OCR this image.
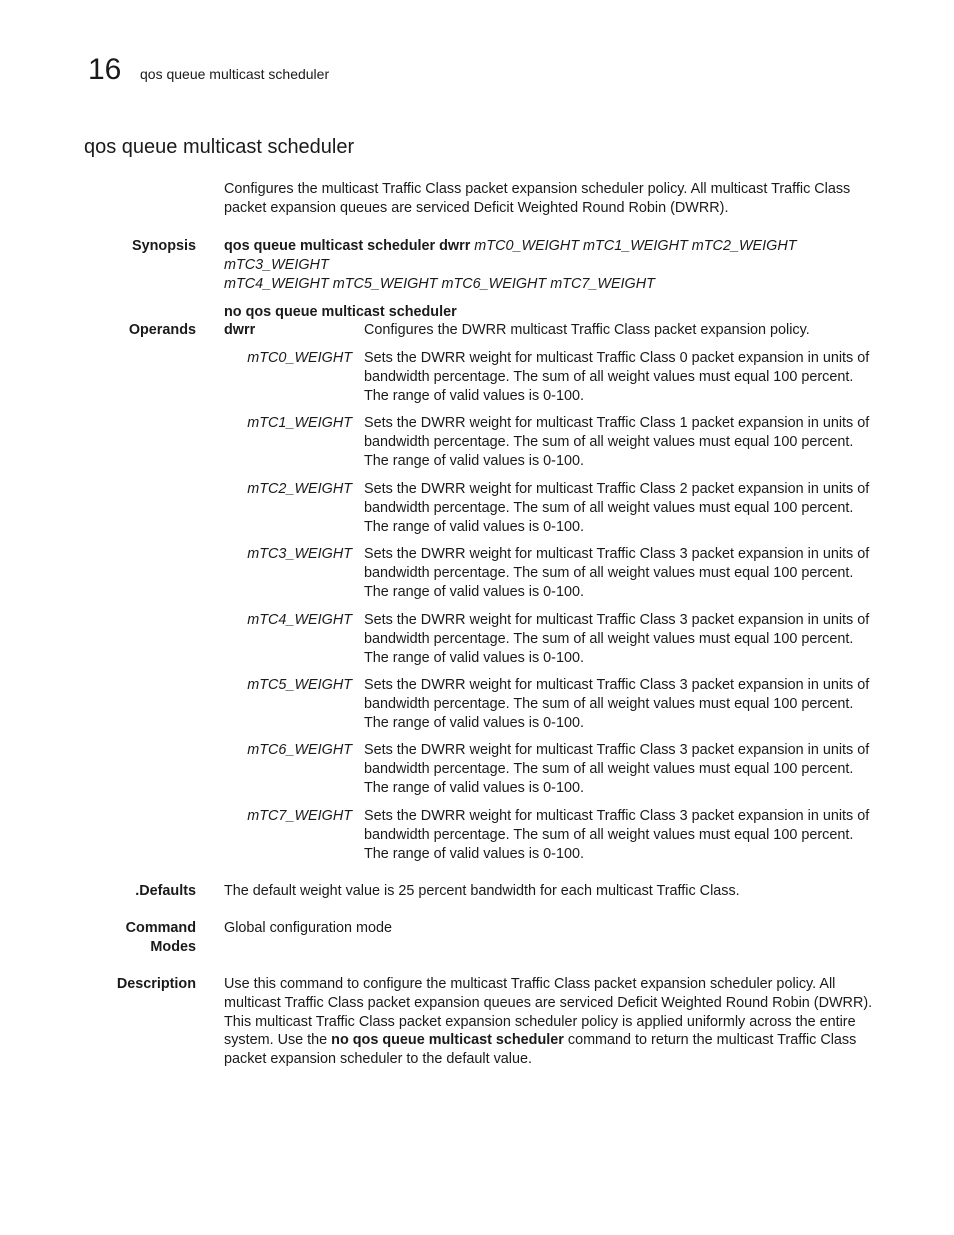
16 qos queue multicast scheduler
qos queue multicast scheduler
Configures the multicast Traffic Class packet expansion scheduler policy. All multicast Traffic Class packet expansion queues are serviced Deficit Weighted Round Robin (DWRR).
Synopsis qos queue multicast scheduler dwrr mTC0_WEIGHT mTC1_WEIGHT mTC2_WEIGHT mTC3_WEIGHT
mTC4_WEIGHT mTC5_WEIGHT mTC6_WEIGHT mTC7_WEIGHT
no qos queue multicast scheduler
Operands dwrr	Configures the DWRR multicast Traffic Class packet expansion policy.
mTC0_WEIGHT Sets the DWRR weight for multicast Traffic Class 0 packet expansion in units of bandwidth percentage. The sum of all weight values must equal 100 percent. The range of valid values is 0-100.
mTC1_WEIGHT Sets the DWRR weight for multicast Traffic Class 1 packet expansion in units of bandwidth percentage. The sum of all weight values must equal 100 percent. The range of valid values is 0-100.
mTC2_WEIGHT Sets the DWRR weight for multicast Traffic Class 2 packet expansion in units of bandwidth percentage. The sum of all weight values must equal 100 percent. The range of valid values is 0-100.
mTC3_WEIGHT Sets the DWRR weight for multicast Traffic Class 3 packet expansion in units of bandwidth percentage. The sum of all weight values must equal 100 percent. The range of valid values is 0-100.
mTC4_WEIGHT Sets the DWRR weight for multicast Traffic Class 3 packet expansion in units of bandwidth percentage. The sum of all weight values must equal 100 percent. The range of valid values is 0-100.
mTC5_WEIGHT Sets the DWRR weight for multicast Traffic Class 3 packet expansion in units of bandwidth percentage. The sum of all weight values must equal 100 percent. The range of valid values is 0-100.
mTC6_WEIGHT Sets the DWRR weight for multicast Traffic Class 3 packet expansion in units of bandwidth percentage. The sum of all weight values must equal 100 percent. The range of valid values is 0-100.
mTC7_WEIGHT Sets the DWRR weight for multicast Traffic Class 3 packet expansion in units of bandwidth percentage. The sum of all weight values must equal 100 percent. The range of valid values is 0-100.
.Defaults The default weight value is 25 percent bandwidth for each multicast Traffic Class.
Command Modes
Global configuration mode
Description Use this command to configure the multicast Traffic Class packet expansion scheduler policy. All multicast Traffic Class packet expansion queues are serviced Deficit Weighted Round Robin (DWRR). This multicast Traffic Class packet expansion scheduler policy is applied uniformly across the entire system. Use the no qos queue multicast scheduler command to return the multicast Traffic Class packet expansion scheduler to the default value.
